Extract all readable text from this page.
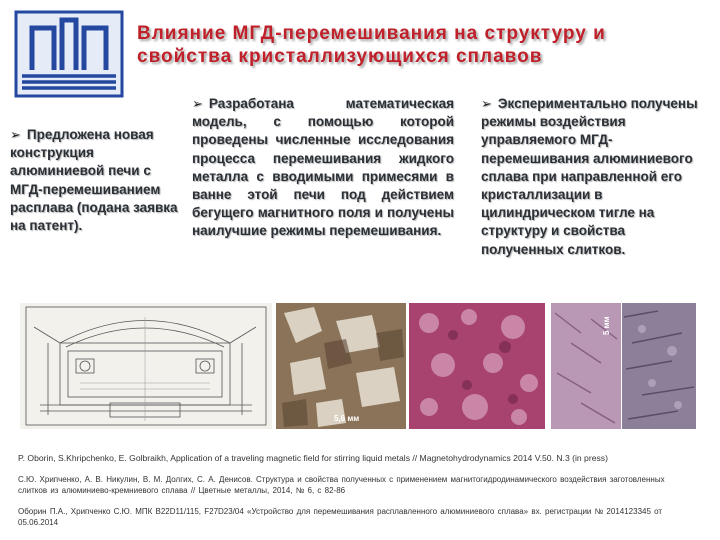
Влияние МГД-перемешивания на структуру и свойства кристаллизующихся сплавов
➢ Предложена новая конструкция алюминиевой печи с МГД-перемешиванием расплава (подана заявка на патент).
➢ Разработана математическая модель, с помощью которой проведены численные исследования процесса перемешивания жидкого металла с вводимыми примесями в ванне этой печи под действием бегущего магнитного поля и получены наилучшие режимы перемешивания.
➢ Экспериментально получены режимы воздействия управляемого МГД-перемешивания алюминиевого сплава при направленной его кристаллизации в цилиндрическом тигле на структуру и свойства полученных слитков.
5,6 мм
5 мм
P. Oborin, S.Khripchenko, E. Golbraikh, Application of a traveling magnetic field for stirring liquid metals // Magnetohydrodynamics 2014 V.50. N.3 (in press)
С.Ю. Хрипченко, А. В. Никулин, В. М. Долгих, С. А. Денисов. Структура и свойства полученных с применением магнитогидродинамического воздействия заготовленных слитков из алюминиево-кремниевого сплава // Цветные металлы, 2014, № 6, с 82-86
Оборин П.А., Хрипченко С.Ю. МПК B22D11/115, F27D23/04 «Устройство для перемешивания расплавленного алюминиевого сплава» вх. регистрации № 2014123345 от 05.06.2014
